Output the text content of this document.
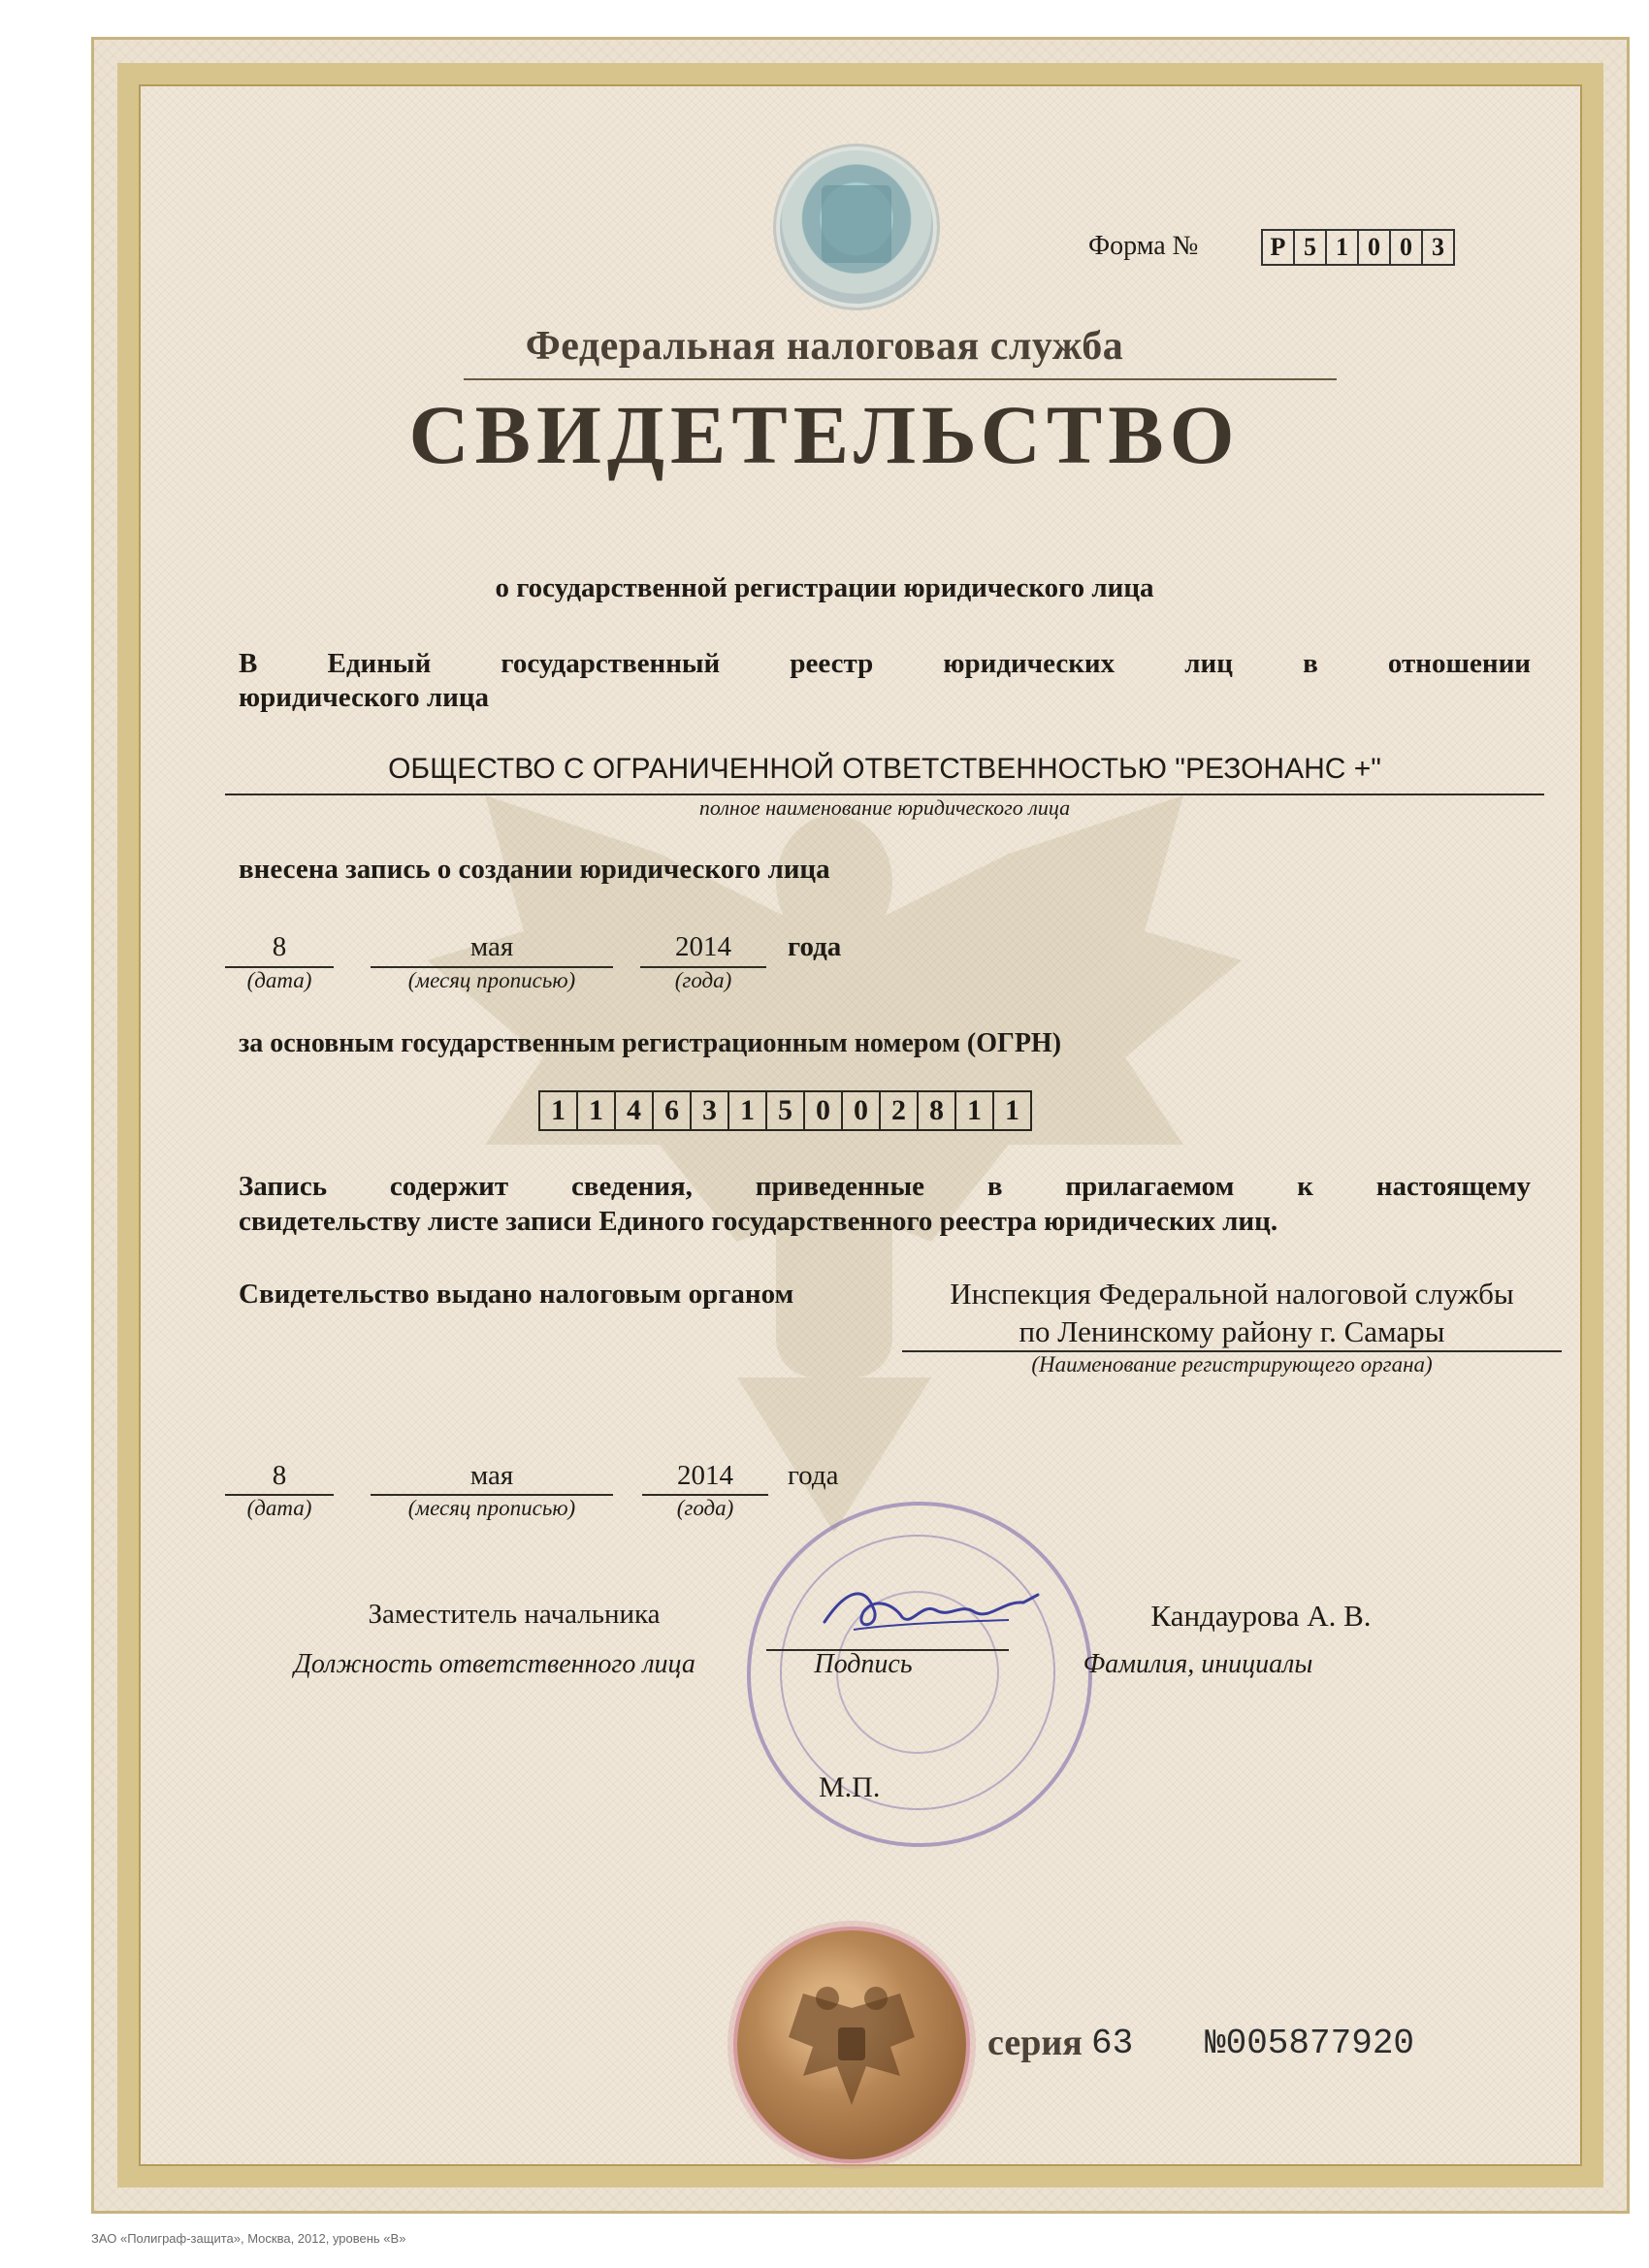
Форма №	Р 5 1 0 0 3
Федеральная налоговая служба
СВИДЕТЕЛЬСТВО
о государственной регистрации юридического лица
В Единый государственный реестр юридических лиц в отношении
юридического лица
ОБЩЕСТВО С ОГРАНИЧЕННОЙ ОТВЕТСТВЕННОСТЬЮ "РЕЗОНАНС +"
полное наименование юридического лица
внесена запись о создании юридического лица
8
(дата)
мая
(месяц прописью)
2014
(года)
года
за основным государственным регистрационным номером (ОГРН)
1 1 4 6 3 1 5 0 0 2 8 1 1
Запись содержит сведения, приведенные в прилагаемом к настоящему
свидетельству листе записи Единого государственного реестра юридических лиц.
Свидетельство выдано налоговым органом	Инспекция Федеральной налоговой службы
по Ленинскому району г. Самары
(Наименование регистрирующего органа)
8
(дата)
мая
(месяц прописью)
2014
(года)
года
Заместитель начальника
Должность ответственного лица	Подпись
Кандаурова А. В.
Фамилия, инициалы
М.П.
серия 63 №005877920
ЗАО «Полиграф-защита», Москва, 2012, уровень «В»
